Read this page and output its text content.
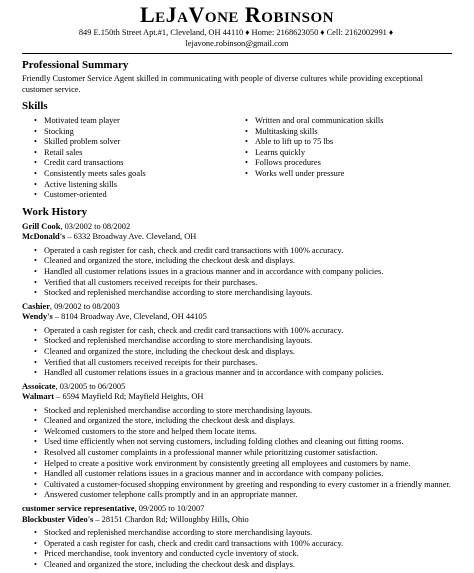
LeJaVone Robinson
849 E.150th Street Apt.#1, Cleveland, OH 44110 ♦ Home: 2168623050 ♦ Cell: 2162002991 ♦
lejavone.robinson@gmail.com
Professional Summary
Friendly Customer Service Agent skilled in communicating with people of diverse cultures while providing exceptional customer service.
Skills
• Motivated team player
• Stocking
• Skilled problem solver
• Retail sales
• Credit card transactions
• Consistently meets sales goals
• Active listening skills
• Customer-oriented
• Written and oral communication skills
• Multitasking skills
• Able to lift up to 75 lbs
• Learns quickly
• Follows procedures
• Works well under pressure
Work History
Grill Cook, 03/2002 to 08/2002
McDonald's – 6332 Broadway Ave. Cleveland, OH
• Operated a cash register for cash, check and credit card transactions with 100% accuracy.
• Cleaned and organized the store, including the checkout desk and displays.
• Handled all customer relations issues in a gracious manner and in accordance with company policies.
• Verified that all customers received receipts for their purchases.
• Stocked and replenished merchandise according to store merchandising layouts.
Cashier, 09/2002 to 08/2003
Wendy's – 8104 Broadway Ave, Cleveland, OH 44105
• Operated a cash register for cash, check and credit card transactions with 100% accuracy.
• Stocked and replenished merchandise according to store merchandising layouts.
• Cleaned and organized the store, including the checkout desk and displays.
• Verified that all customers received receipts for their purchases.
• Handled all customer relations issues in a gracious manner and in accordance with company policies.
Assoicate, 03/2005 to 06/2005
Walmart – 6594 Mayfield Rd; Mayfield Heights, OH
• Stocked and replenished merchandise according to store merchandising layouts.
• Cleaned and organized the store, including the checkout desk and displays.
• Welcomed customers to the store and helped them locate items.
• Used time efficiently when not serving customers, including folding clothes and cleaning out fitting rooms.
• Resolved all customer complaints in a professional manner while prioritizing customer satisfaction.
• Helped to create a positive work environment by consistently greeting all employees and customers by name.
• Handled all customer relations issues in a gracious manner and in accordance with company policies.
• Cultivated a customer-focused shopping environment by greeting and responding to every customer in a friendly manner.
• Answered customer telephone calls promptly and in an appropriate manner.
customer service representative, 09/2005 to 10/2007
Blockbuster Video's – 28151 Chardon Rd; Willoughby Hills, Ohio
• Stocked and replenished merchandise according to store merchandising layouts.
• Operated a cash register for cash, check and credit card transactions with 100% accuracy.
• Priced merchandise, took inventory and conducted cycle inventory of stock.
• Cleaned and organized the store, including the checkout desk and displays.
